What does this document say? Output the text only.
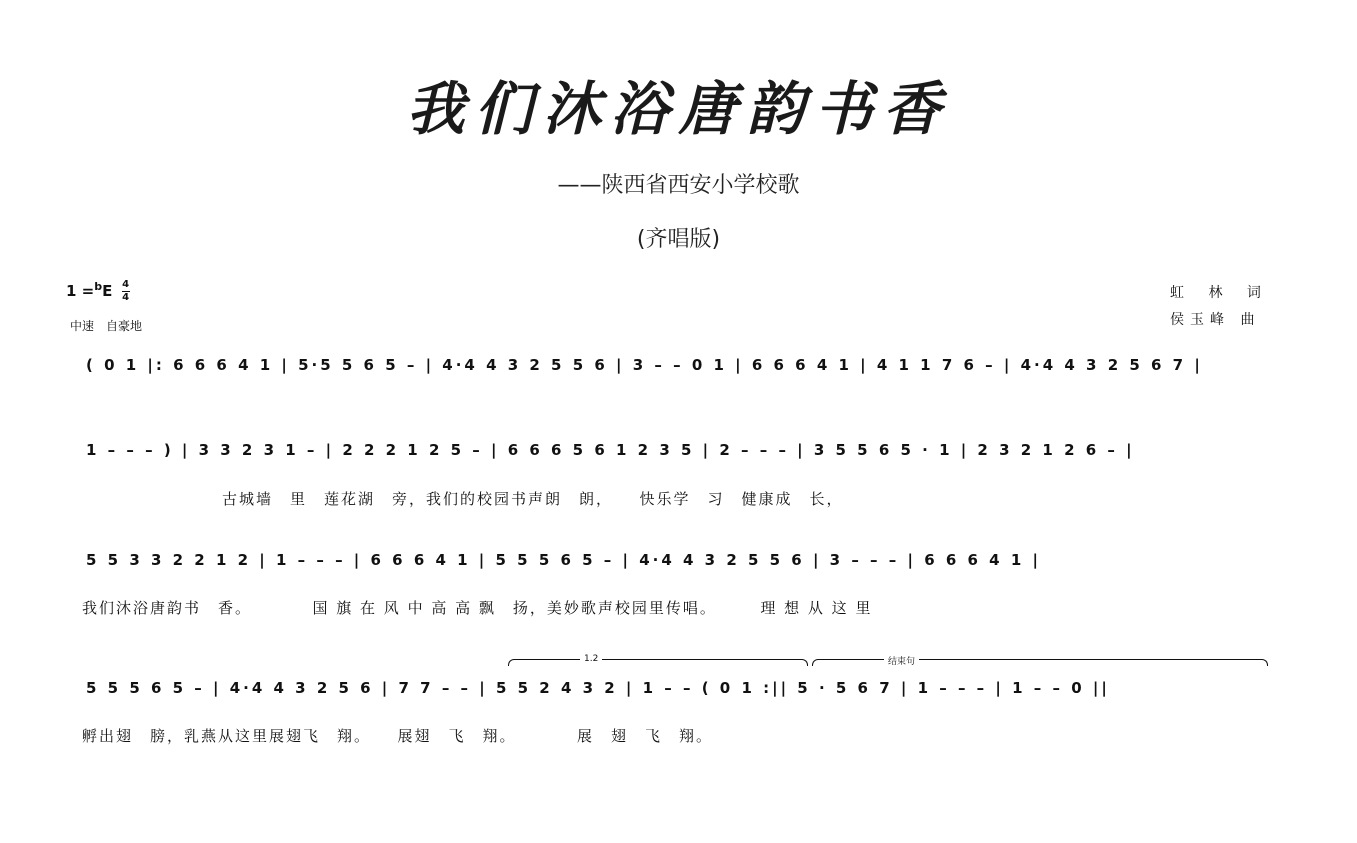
我们沐浴唐韵书香
——陕西省西安小学校歌
(齐唱版)
$1 =^bE \frac{4}{4}$
中速　自豪地
虹 林 词
侯玉峰 曲
( 0 1 |: 6 6 6 4 1 | 5·5 5 6 5 – | 4·4 4 3 2 5 5 6 | 3 – – 0 1 | 6 6 6 4 1 | 4 1 1 7 6 – | 4·4 4 3 2 5 6 7 |
1 – – – ) | 3 3 2 3 1 – | 2 2 2 1 2 5 – | 6 6 6 5 6 1 2 3 5 | 2 – – – | 3 5 5 6 5 · 1 | 2 3 2 1 2 6 – |
古城墙　里　莲花湖　旁，我们的校园书声朗　朗，　　快乐学　习　健康成　长，
5 5 3 3 2 2 1 2 | 1 – – – | 6 6 6 4 1 | 5 5 5 6 5 – | 4·4 4 3 2 5 5 6 | 3 – – – | 6 6 6 4 1 |
我们沐浴唐韵书　香。　　　　国 旗 在 风 中 高 高 飘　扬，美妙歌声校园里传唱。　　　理 想 从 这 里
1.2	结束句
5 5 5 6 5 – | 4·4 4 3 2 5 6 | 7 7 – – | 5 5 2 4 3 2 | 1 – – ( 0 1 :|| 5 · 5 6 7 | 1 – – – | 1 – – 0 ||
孵出翅　膀，乳燕从这里展翅飞　翔。　　展翅　飞　翔。　　　　展　翅　飞　翔。
